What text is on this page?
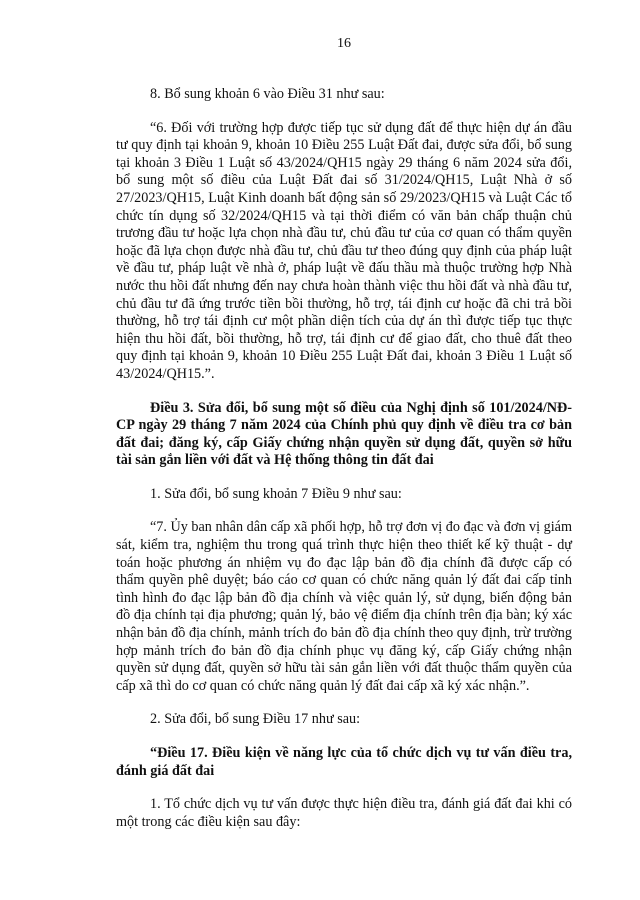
16

8. Bổ sung khoản 6 vào Điều 31 như sau:

“6. Đối với trường hợp được tiếp tục sử dụng đất để thực hiện dự án đầu tư quy định tại khoản 9, khoản 10 Điều 255 Luật Đất đai, được sửa đổi, bổ sung tại khoản 3 Điều 1 Luật số 43/2024/QH15 ngày 29 tháng 6 năm 2024 sửa đổi, bổ sung một số điều của Luật Đất đai số 31/2024/QH15, Luật Nhà ở số 27/2023/QH15, Luật Kinh doanh bất động sản số 29/2023/QH15 và Luật Các tổ chức tín dụng số 32/2024/QH15 và tại thời điểm có văn bản chấp thuận chủ trương đầu tư hoặc lựa chọn nhà đầu tư, chủ đầu tư của cơ quan có thẩm quyền hoặc đã lựa chọn được nhà đầu tư, chủ đầu tư theo đúng quy định của pháp luật về đầu tư, pháp luật về nhà ở, pháp luật về đấu thầu mà thuộc trường hợp Nhà nước thu hồi đất nhưng đến nay chưa hoàn thành việc thu hồi đất và nhà đầu tư, chủ đầu tư đã ứng trước tiền bồi thường, hỗ trợ, tái định cư hoặc đã chi trả bồi thường, hỗ trợ tái định cư một phần diện tích của dự án thì được tiếp tục thực hiện thu hồi đất, bồi thường, hỗ trợ, tái định cư để giao đất, cho thuê đất theo quy định tại khoản 9, khoản 10 Điều 255 Luật Đất đai, khoản 3 Điều 1 Luật số 43/2024/QH15.”.

Điều 3. Sửa đổi, bổ sung một số điều của Nghị định số 101/2024/NĐ-CP ngày 29 tháng 7 năm 2024 của Chính phủ quy định về điều tra cơ bản đất đai; đăng ký, cấp Giấy chứng nhận quyền sử dụng đất, quyền sở hữu tài sản gắn liền với đất và Hệ thống thông tin đất đai

1. Sửa đổi, bổ sung khoản 7 Điều 9 như sau:

“7. Ủy ban nhân dân cấp xã phối hợp, hỗ trợ đơn vị đo đạc và đơn vị giám sát, kiểm tra, nghiệm thu trong quá trình thực hiện theo thiết kế kỹ thuật - dự toán hoặc phương án nhiệm vụ đo đạc lập bản đồ địa chính đã được cấp có thẩm quyền phê duyệt; báo cáo cơ quan có chức năng quản lý đất đai cấp tỉnh tình hình đo đạc lập bản đồ địa chính và việc quản lý, sử dụng, biến động bản đồ địa chính tại địa phương; quản lý, bảo vệ điểm địa chính trên địa bàn; ký xác nhận bản đồ địa chính, mảnh trích đo bản đồ địa chính theo quy định, trừ trường hợp mảnh trích đo bản đồ địa chính phục vụ đăng ký, cấp Giấy chứng nhận quyền sử dụng đất, quyền sở hữu tài sản gắn liền với đất thuộc thẩm quyền của cấp xã thì do cơ quan có chức năng quản lý đất đai cấp xã ký xác nhận.”.

2. Sửa đổi, bổ sung Điều 17 như sau:

“Điều 17. Điều kiện về năng lực của tổ chức dịch vụ tư vấn điều tra, đánh giá đất đai

1. Tổ chức dịch vụ tư vấn được thực hiện điều tra, đánh giá đất đai khi có một trong các điều kiện sau đây:
